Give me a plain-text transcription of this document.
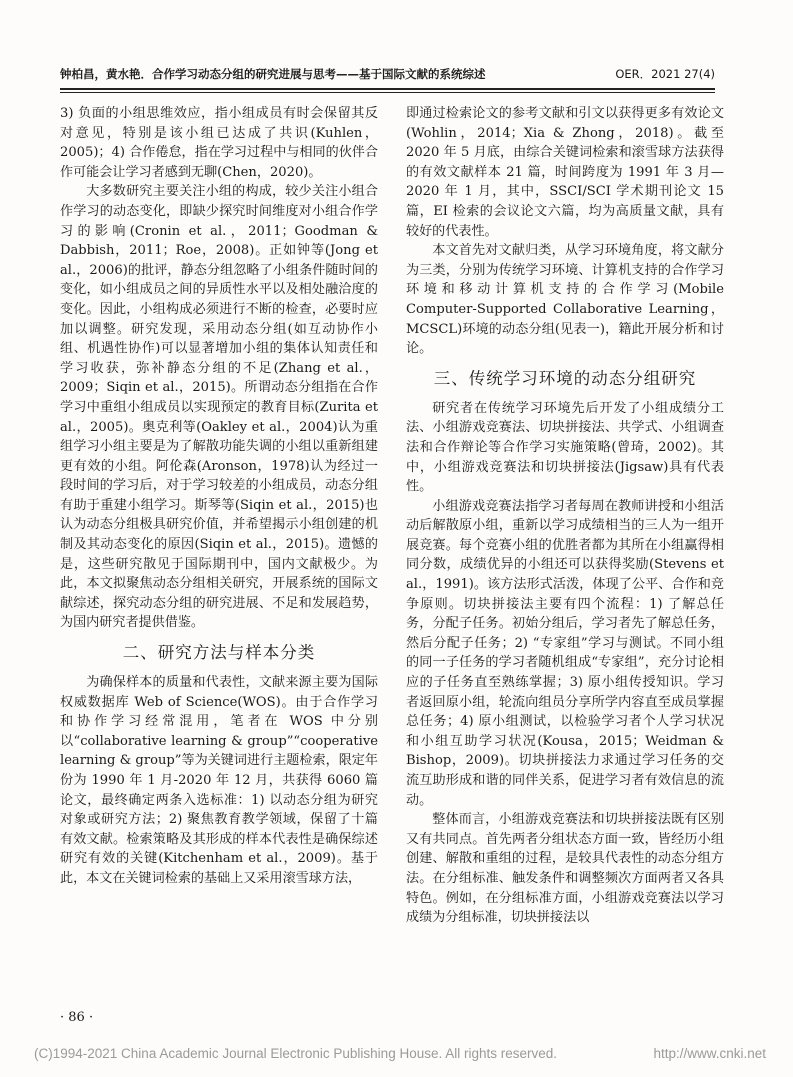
钟柏昌，黄水艳．合作学习动态分组的研究进展与思考——基于国际文献的系统综述	OER．2021 27(4)

3) 负面的小组思维效应，指小组成员有时会保留其反对意见，特别是该小组已达成了共识(Kuhlen，2005)；4) 合作倦怠，指在学习过程中与相同的伙伴合作可能会让学习者感到无聊(Chen，2020)。

大多数研究主要关注小组的构成，较少关注小组合作学习的动态变化，即缺少探究时间维度对小组合作学习的影响(Cronin et al.，2011；Goodman & Dabbish，2011；Roe，2008)。正如钟等(Jong et al.，2006)的批评，静态分组忽略了小组条件随时间的变化，如小组成员之间的异质性水平以及相处融洽度的变化。因此，小组构成必须进行不断的检查，必要时应加以调整。研究发现，采用动态分组(如互动协作小组、机遇性协作)可以显著增加小组的集体认知责任和学习收获，弥补静态分组的不足(Zhang et al.，2009；Siqin et al.，2015)。所谓动态分组指在合作学习中重组小组成员以实现预定的教育目标(Zurita et al.，2005)。奥克利等(Oakley et al.，2004)认为重组学习小组主要是为了解散功能失调的小组以重新组建更有效的小组。阿伦森(Aronson，1978)认为经过一段时间的学习后，对于学习较差的小组成员，动态分组有助于重建小组学习。斯琴等(Siqin et al.，2015)也认为动态分组极具研究价值，并希望揭示小组创建的机制及其动态变化的原因(Siqin et al.，2015)。遗憾的是，这些研究散见于国际期刊中，国内文献极少。为此，本文拟聚焦动态分组相关研究，开展系统的国际文献综述，探究动态分组的研究进展、不足和发展趋势，为国内研究者提供借鉴。

二、研究方法与样本分类

为确保样本的质量和代表性，文献来源主要为国际权威数据库 Web of Science(WOS)。由于合作学习和协作学习经常混用，笔者在 WOS 中分别以“collaborative learning & group”“cooperative learning & group”等为关键词进行主题检索，限定年份为 1990 年 1 月-2020 年 12 月，共获得 6060 篇论文，最终确定两条入选标准：1) 以动态分组为研究对象或研究方法；2) 聚焦教育教学领域，保留了十篇有效文献。检索策略及其形成的样本代表性是确保综述研究有效的关键(Kitchenham et al.，2009)。基于此，本文在关键词检索的基础上又采用滚雪球方法，

即通过检索论文的参考文献和引文以获得更多有效论文(Wohlin，2014；Xia & Zhong，2018)。截至 2020 年 5 月底，由综合关键词检索和滚雪球方法获得的有效文献样本 21 篇，时间跨度为 1991 年 3 月—2020 年 1 月，其中，SSCI/SCI 学术期刊论文 15 篇，EI 检索的会议论文六篇，均为高质量文献，具有较好的代表性。

本文首先对文献归类，从学习环境角度，将文献分为三类，分别为传统学习环境、计算机支持的合作学习环境和移动计算机支持的合作学习(Mobile Computer-Supported Collaborative Learning，MCSCL)环境的动态分组(见表一)，籍此开展分析和讨论。

三、传统学习环境的动态分组研究

研究者在传统学习环境先后开发了小组成绩分工法、小组游戏竞赛法、切块拼接法、共学式、小组调查法和合作辩论等合作学习实施策略(曾琦，2002)。其中，小组游戏竞赛法和切块拼接法(Jigsaw)具有代表性。

小组游戏竞赛法指学习者每周在教师讲授和小组活动后解散原小组，重新以学习成绩相当的三人为一组开展竞赛。每个竞赛小组的优胜者都为其所在小组赢得相同分数，成绩优异的小组还可以获得奖励(Stevens et al.，1991)。该方法形式活泼，体现了公平、合作和竞争原则。切块拼接法主要有四个流程：1) 了解总任务，分配子任务。初始分组后，学习者先了解总任务，然后分配子任务；2) “专家组”学习与测试。不同小组的同一子任务的学习者随机组成“专家组”，充分讨论相应的子任务直至熟练掌握；3) 原小组传授知识。学习者返回原小组，轮流向组员分享所学内容直至成员掌握总任务；4) 原小组测试，以检验学习者个人学习状况和小组互助学习状况(Kousa，2015；Weidman & Bishop，2009)。切块拼接法力求通过学习任务的交流互助形成和谐的同伴关系，促进学习者有效信息的流动。

整体而言，小组游戏竞赛法和切块拼接法既有区别又有共同点。首先两者分组状态方面一致，皆经历小组创建、解散和重组的过程，是较具代表性的动态分组方法。在分组标准、触发条件和调整频次方面两者又各具特色。例如，在分组标准方面，小组游戏竞赛法以学习成绩为分组标准，切块拼接法以

· 86 ·
(C)1994-2021 China Academic Journal Electronic Publishing House. All rights reserved.	http://www.cnki.net
